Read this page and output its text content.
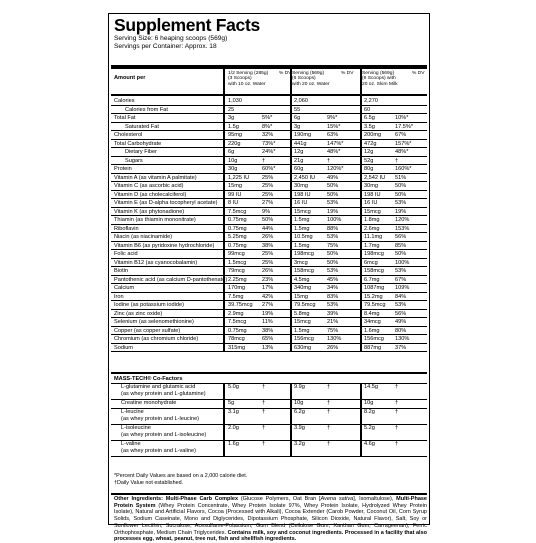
Supplement Facts
Serving Size: 6 heaping scoops (569g)
Servings per Container: Approx. 18
Amount per
1/2 Serving (285g)
(3 Scoops)
with 10 oz. Water
% DV Serving (569g)
(6 Scoops)
with 20 oz. Water
% DV Serving (569g)
(6 Scoops) with
20 oz. Skim Milk
% DV
Calories	1,030	2,060	2,270
Calories from Fat	25	55	60
Total Fat	3g	5%*	6g	9%*	6.5g	10%*
Saturated Fat	1.5g	8%*	3g	15%*	3.5g	17.5%*
Cholesterol	95mg	32%	190mg	63%	200mg 67%
Total Carbohydrate	220g	73%*	441g	147%*	472g	157%*
Dietary Fiber	6g	24%*	12g	48%*	12g	48%*
Sugars	10g	†	21g	†	52g	†
Protein	30g	60%*	60g	120%*	80g	160%*
Vitamin A (as vitamin A palmitate)	1,225 IU 25%	2,450 IU 49%	2,542 IU 51%
Vitamin C (as ascorbic acid)	15mg	25%	30mg	50%	30mg	50%
Vitamin D (as cholecalciferol)	99 IU	25%	198 IU	50%	198 IU	50%
Vitamin E (as D-alpha tocopheryl acetate) 8 IU	27%	16 IU	53%	16 IU	53%
Vitamin K (as phytonadione)	7.5mcg	9%	15mcg	19%	15mcg	19%
Thiamin (as thiamin mononitrate)	0.75mg	50%	1.5mg	100%	1.8mg	120%
Riboflavin	0.75mg	44%	1.5mg	88%	2.6mg	153%
Niacin (as niacinamide)	5.25mg	26%	10.5mg	53%	11.1mg 56%
Vitamin B6 (as pyridoxine hydrochloride) 0.75mg	38%	1.5mg	75%	1.7mg	85%
Folic acid	99mcg	25%	198mcg 50%	198mcg 50%
Vitamin B12 (as cyanocobalamin)	1.5mcg	25%	3mcg	50%	6mcg	100%
Biotin	79mcg	26%	158mcg 53%	158mcg 53%
Pantothenic acid (as calcium D-pantothenate) 2.25mg	23%	4.5mg	45%	6.7mg	67%
Calcium	170mg	17%	340mg	34%	1087mg 109%
Iron	7.5mg	42%	15mg	83%	15.2mg 84%
Iodine (as potassium iodide)	39.75mcg 27%	79.5mcg 53%	79.5mcg 53%
Zinc (as zinc oxide)	2.9mg	19%	5.8mg	39%	8.4mg	56%
Selenium (as selenomethionine)	7.5mcg	11%	15mcg	21%	34mcg	49%
Copper (as copper sulfate)	0.75mg	38%	1.5mg	75%	1.6mg	80%
Chromium (as chromium chloride)	78mcg	65%	156mcg 130%	156mcg 130%
Sodium	315mg	13%	630mg	26%	887mg 37%
MASS-TECH® Co-Factors
L-glutamine and glutamic acid
(as whey protein and L-glutamine)
5.0g	†	9.9g	†	14.5g	†
Creatine monohydrate	5g	†	10g	†	10g	†
L-leucine
(as whey protein and L-leucine)
3.1g	†	6.2g	†	8.2g	†
L-isoleucine
(as whey protein and L-isoleucine)
2.0g	†	3.9g	†	5.2g	†
L-valine
(as whey protein and L-valine)
1.6g	†	3.2g	†	4.6g	†
*Percent Daily Values are based on a 2,000 calorie diet.
†Daily Value not established.
Other Ingredients: Multi-Phase Carb Complex (Glucose Polymers, Oat Bran [Avena sativa], Isomaltulose), Multi-Phase Protein System (Whey Protein Concentrate, Whey Protein Isolate 97%, Whey Protein Isolate, Hydrolyzed Whey Protein Isolate), Natural and Artificial Flavors, Cocoa (Processed with Alkali), Cocoa Extender (Carob Powder, Coconut Oil, Corn Syrup Solids, Sodium Caseinate, Mono and Diglycerides, Dipotassium Phosphate, Silicon Dioxide, Natural Flavor), Salt, Soy or Sunflower Lecithin, Sucralose, Acesulfame-Potassium, Gum Blend (Cellulose Gum, Xanthan Gum, Carrageenan), Ferric Orthophosphate, Medium Chain Triglycerides. Contains milk, soy and coconut ingredients. Processed in a facility that also processes egg, wheat, peanut, tree nut, fish and shellfish ingredients.
